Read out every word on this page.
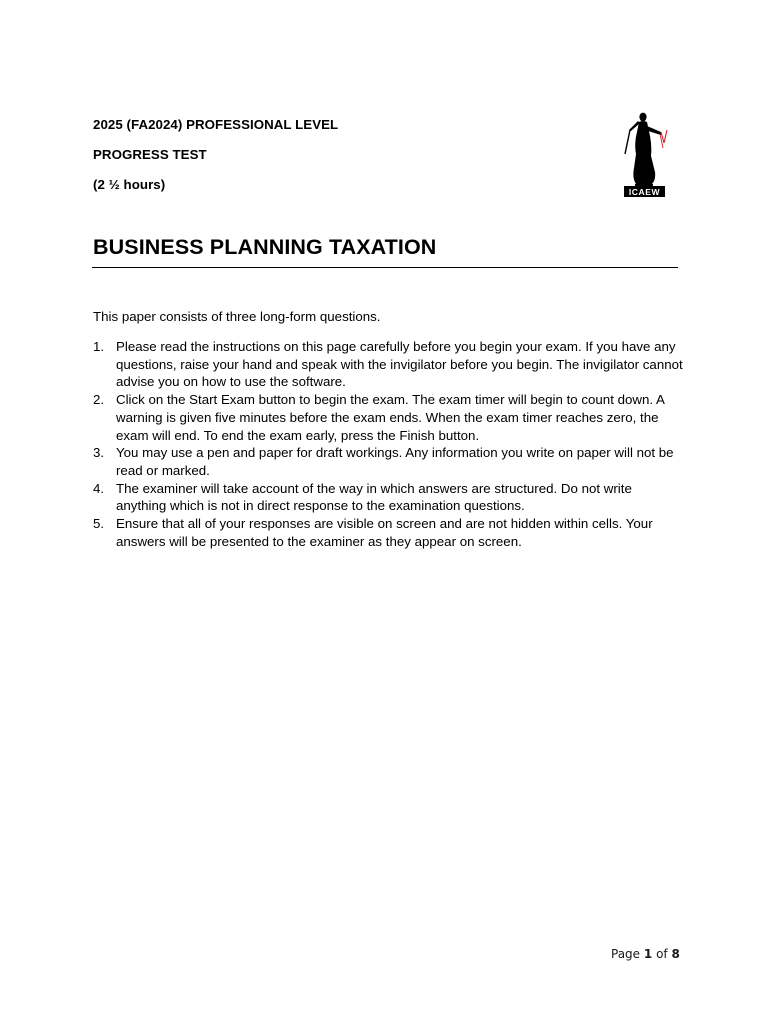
2025 (FA2024) PROFESSIONAL LEVEL
PROGRESS TEST
(2 ½ hours)	ICAEW
BUSINESS PLANNING TAXATION
This paper consists of three long-form questions.
1. Please read the instructions on this page carefully before you begin your exam. If you have any questions, raise your hand and speak with the invigilator before you begin. The invigilator cannot advise you on how to use the software.
2. Click on the Start Exam button to begin the exam. The exam timer will begin to count down. A warning is given five minutes before the exam ends. When the exam timer reaches zero, the exam will end. To end the exam early, press the Finish button.
3. You may use a pen and paper for draft workings. Any information you write on paper will not be read or marked.
4. The examiner will take account of the way in which answers are structured. Do not write anything which is not in direct response to the examination questions.
5. Ensure that all of your responses are visible on screen and are not hidden within cells. Your answers will be presented to the examiner as they appear on screen.
Page 1 of 8
